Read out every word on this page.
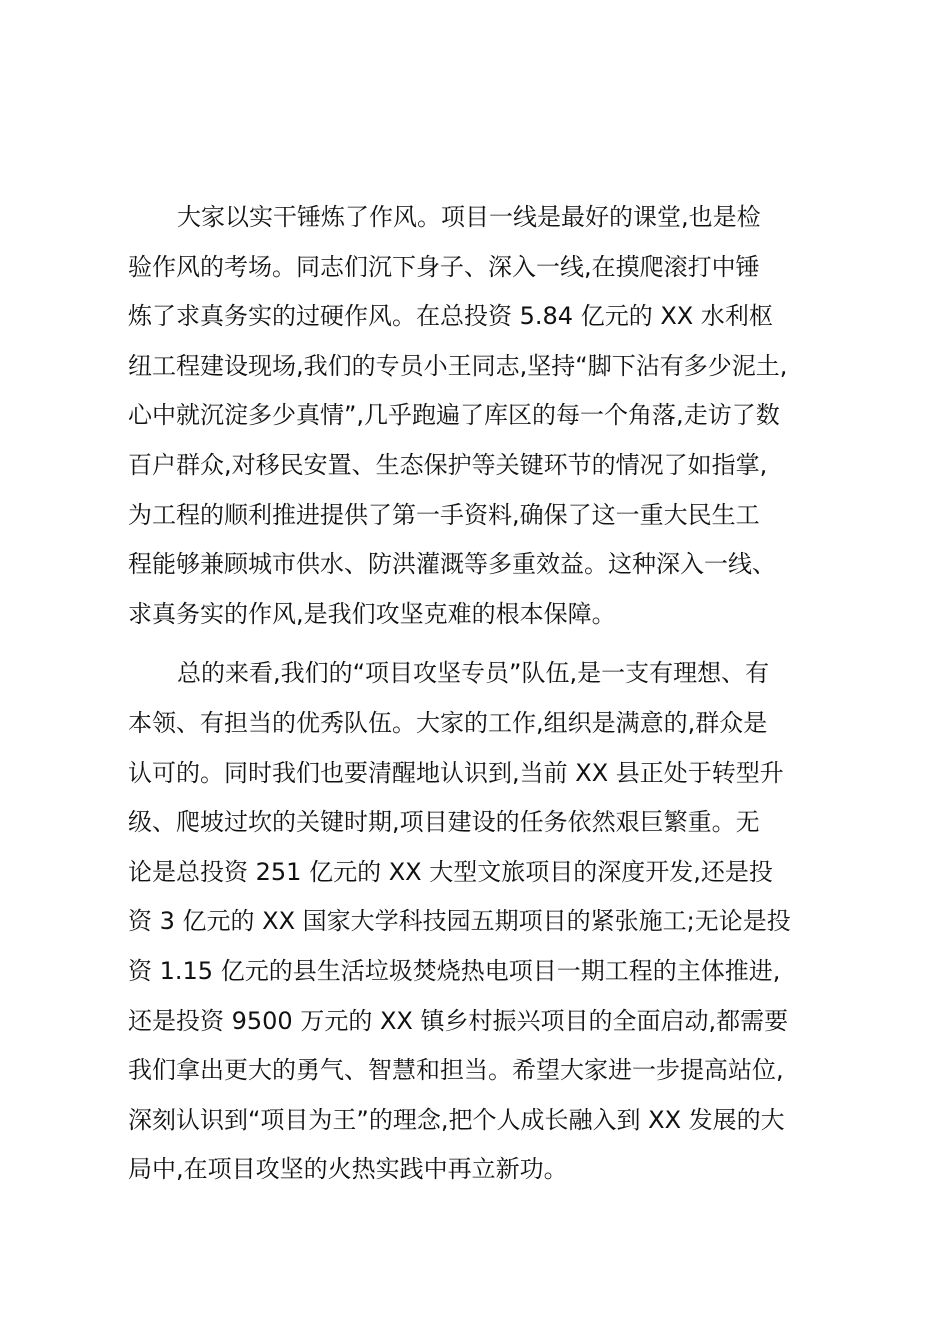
大家以实干锤炼了作风。项目一线是最好的课堂,也是检
验作风的考场。同志们沉下身子、深入一线,在摸爬滚打中锤
炼了求真务实的过硬作风。在总投资 5.84 亿元的 XX 水利枢
纽工程建设现场,我们的专员小王同志,坚持“脚下沾有多少泥土,
心中就沉淀多少真情”,几乎跑遍了库区的每一个角落,走访了数
百户群众,对移民安置、生态保护等关键环节的情况了如指掌,
为工程的顺利推进提供了第一手资料,确保了这一重大民生工
程能够兼顾城市供水、防洪灌溉等多重效益。这种深入一线、
求真务实的作风,是我们攻坚克难的根本保障。

总的来看,我们的“项目攻坚专员”队伍,是一支有理想、有
本领、有担当的优秀队伍。大家的工作,组织是满意的,群众是
认可的。同时我们也要清醒地认识到,当前 XX 县正处于转型升
级、爬坡过坎的关键时期,项目建设的任务依然艰巨繁重。无
论是总投资 251 亿元的 XX 大型文旅项目的深度开发,还是投
资 3 亿元的 XX 国家大学科技园五期项目的紧张施工;无论是投
资 1.15 亿元的县生活垃圾焚烧热电项目一期工程的主体推进,
还是投资 9500 万元的 XX 镇乡村振兴项目的全面启动,都需要
我们拿出更大的勇气、智慧和担当。希望大家进一步提高站位,
深刻认识到“项目为王”的理念,把个人成长融入到 XX 发展的大
局中,在项目攻坚的火热实践中再立新功。
